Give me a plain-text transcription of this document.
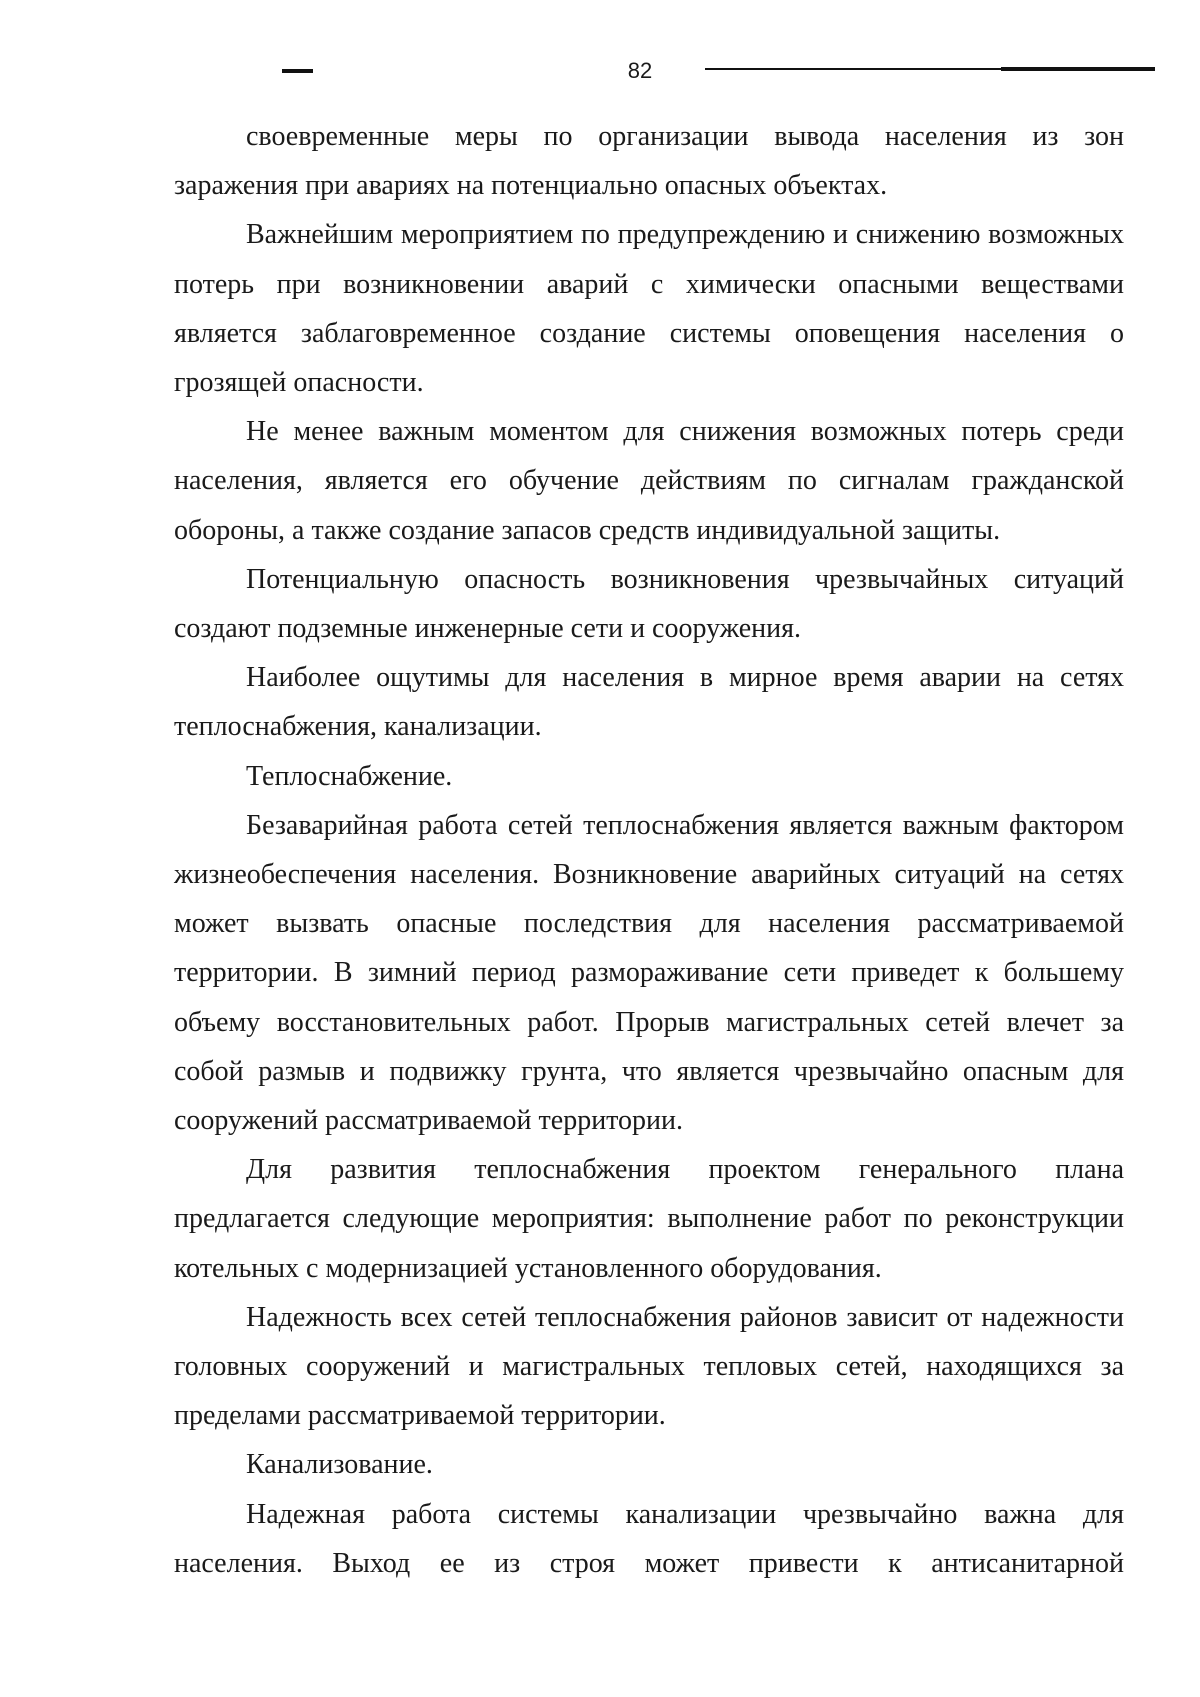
82

своевременные меры по организации вывода населения из зон заражения при авариях на потенциально опасных объектах.

Важнейшим мероприятием по предупреждению и снижению возможных потерь при возникновении аварий с химически опасными веществами является заблаговременное создание системы оповещения населения о грозящей опасности.

Не менее важным моментом для снижения возможных потерь среди населения, является его обучение действиям по сигналам гражданской обороны, а также создание запасов средств индивидуальной защиты.

Потенциальную опасность возникновения чрезвычайных ситуаций создают подземные инженерные сети и сооружения.

Наиболее ощутимы для населения в мирное время аварии на сетях теплоснабжения, канализации.

Теплоснабжение.

Безаварийная работа сетей теплоснабжения является важным фактором жизнеобеспечения населения. Возникновение аварийных ситуаций на сетях может вызвать опасные последствия для населения рассматриваемой территории. В зимний период размораживание сети приведет к большему объему восстановительных работ. Прорыв магистральных сетей влечет за собой размыв и подвижку грунта, что является чрезвычайно опасным для сооружений рассматриваемой территории.

Для развития теплоснабжения проектом генерального плана предлагается следующие мероприятия: выполнение работ по реконструкции котельных с модернизацией установленного оборудования.

Надежность всех сетей теплоснабжения районов зависит от надежности головных сооружений и магистральных тепловых сетей, находящихся за пределами рассматриваемой территории.

Канализование.

Надежная работа системы канализации чрезвычайно важна для населения. Выход ее из строя может привести к антисанитарной
